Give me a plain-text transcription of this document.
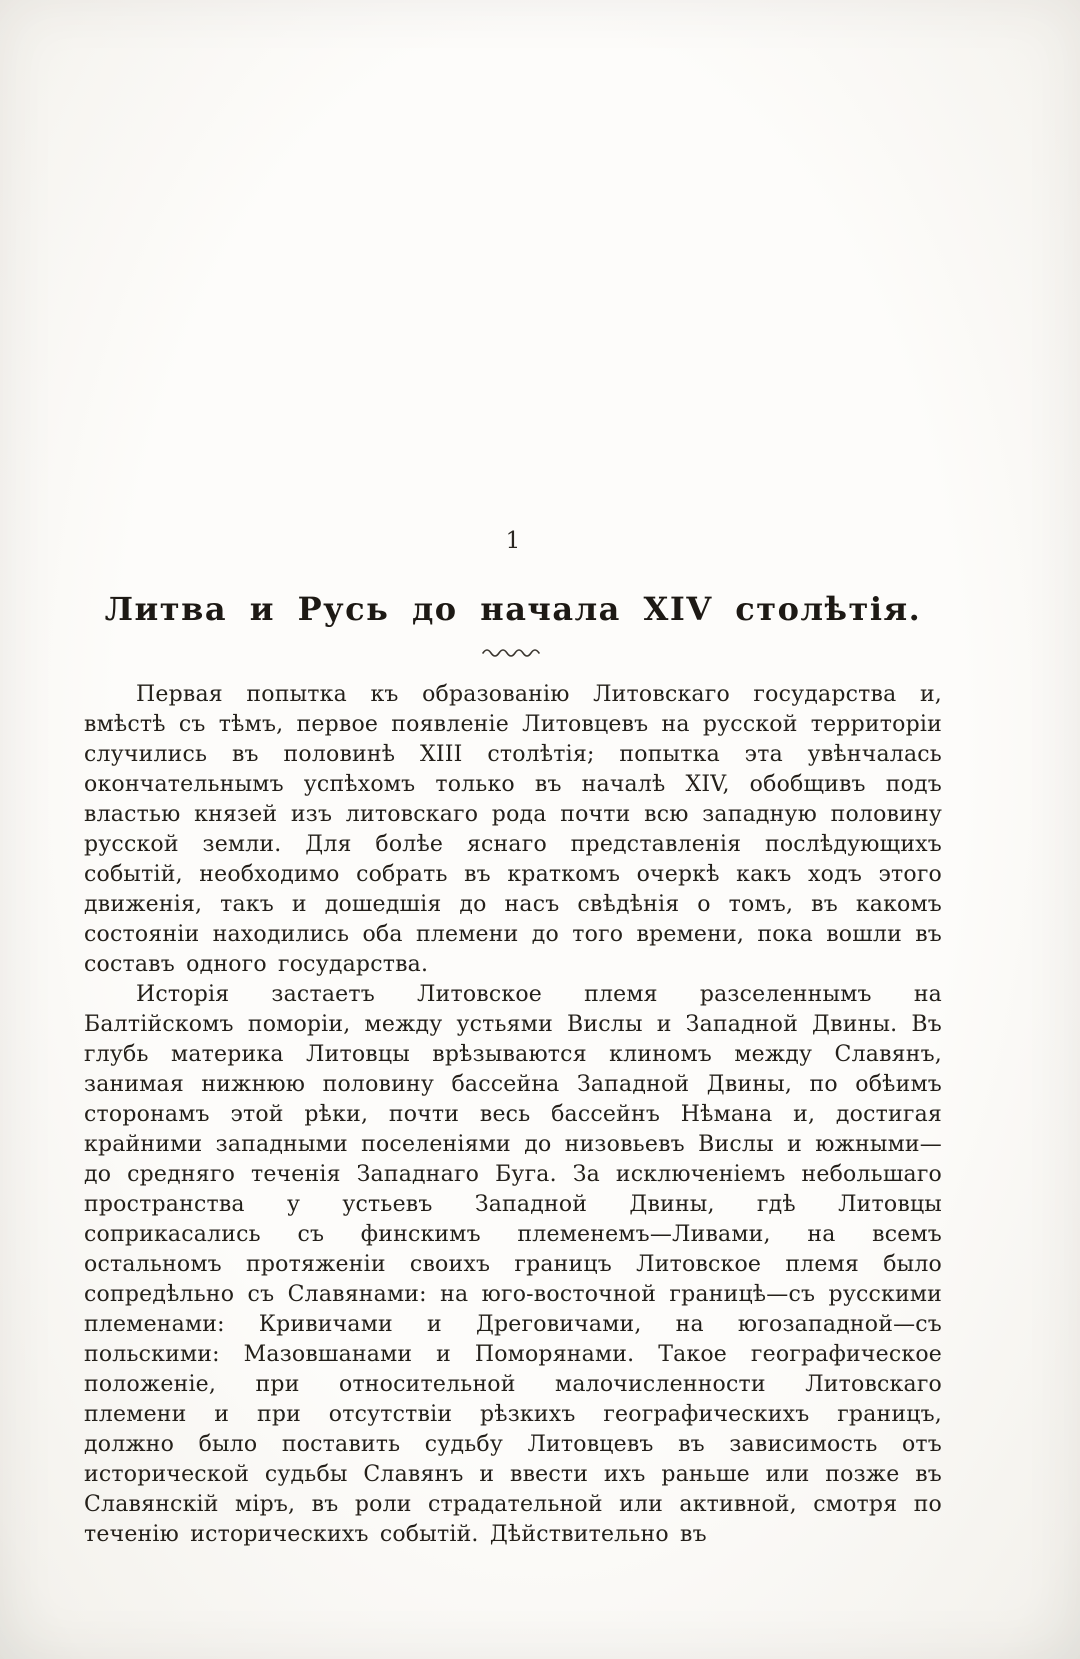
1
Литва и Русь до начала XIV столѣтія.

Первая попытка къ образованію Литовскаго государства и, вмѣстѣ съ тѣмъ, первое появленіе Литовцевъ на русской территоріи случились въ половинѣ XIII столѣтія; попытка эта увѣнчалась окончательнымъ успѣхомъ только въ началѣ XIV, обобщивъ подъ властью князей изъ литовскаго рода почти всю западную половину русской земли. Для болѣе яснаго представленія послѣдующихъ событій, необходимо собрать въ краткомъ очеркѣ какъ ходъ этого движенія, такъ и дошедшія до насъ свѣдѣнія о томъ, въ какомъ состояніи находились оба племени до того времени, пока вошли въ составъ одного государства.

Исторія застаетъ Литовское племя разселеннымъ на Балтійскомъ поморіи, между устьями Вислы и Западной Двины. Въ глубь материка Литовцы врѣзываются клиномъ между Славянъ, занимая нижнюю половину бассейна Западной Двины, по обѣимъ сторонамъ этой рѣки, почти весь бассейнъ Нѣмана и, достигая крайними западными поселеніями до низовьевъ Вислы и южными—до средняго теченія Западнаго Буга. За исключеніемъ небольшаго пространства у устьевъ Западной Двины, гдѣ Литовцы соприкасались съ финскимъ племенемъ—Ливами, на всемъ остальномъ протяженіи своихъ границъ Литовское племя было сопредѣльно съ Славянами: на юго-восточной границѣ—съ русскими племенами: Кривичами и Дреговичами, на югозападной—съ польскими: Мазовшанами и Поморянами. Такое географическое положеніе, при относительной малочисленности Литовскаго племени и при отсутствіи рѣзкихъ географическихъ границъ, должно было поставить судьбу Литовцевъ въ зависимость отъ исторической судьбы Славянъ и ввести ихъ раньше или позже въ Славянскій міръ, въ роли страдательной или активной, смотря по теченію историческихъ событій. Дѣйствительно въ
